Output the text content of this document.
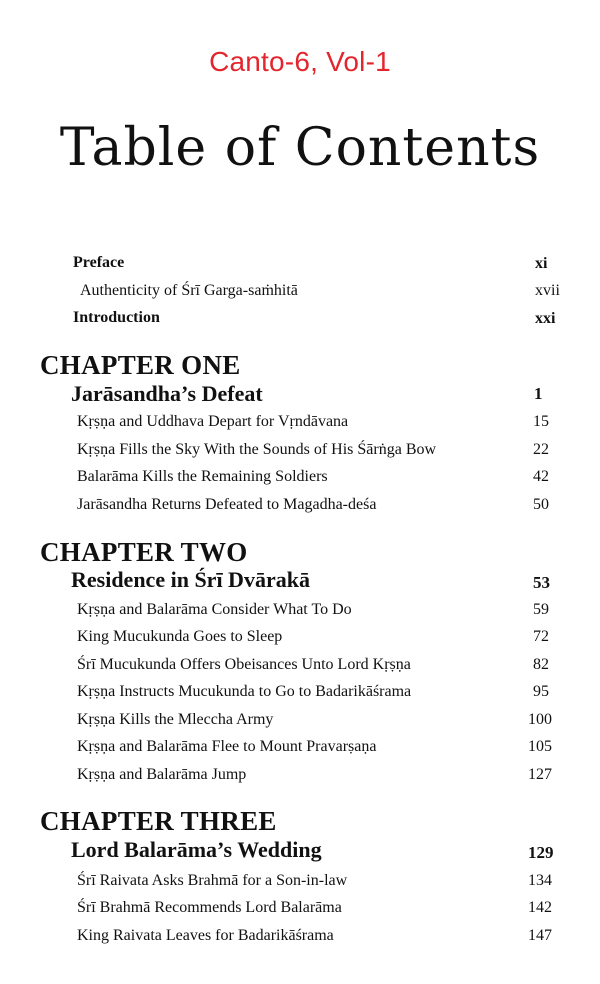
Canto-6, Vol-1
Table of Contents
Preface	xi
Authenticity of Śrī Garga-saṁhitā	xvii
Introduction	xxi
CHAPTER ONE
Jarāsandha’s Defeat	1
Kṛṣṇa and Uddhava Depart for Vṛndāvana	15
Kṛṣṇa Fills the Sky With the Sounds of His Śārṅga Bow	22
Balarāma Kills the Remaining Soldiers	42
Jarāsandha Returns Defeated to Magadha-deśa	50
CHAPTER TWO
Residence in Śrī Dvārakā	53
Kṛṣṇa and Balarāma Consider What To Do	59
King Mucukunda Goes to Sleep	72
Śrī Mucukunda Offers Obeisances Unto Lord Kṛṣṇa	82
Kṛṣṇa Instructs Mucukunda to Go to Badarikāśrama	95
Kṛṣṇa Kills the Mleccha Army	100
Kṛṣṇa and Balarāma Flee to Mount Pravarṣaṇa	105
Kṛṣṇa and Balarāma Jump	127
CHAPTER THREE
Lord Balarāma’s Wedding	129
Śrī Raivata Asks Brahmā for a Son-in-law	134
Śrī Brahmā Recommends Lord Balarāma	142
King Raivata Leaves for Badarikāśrama	147
